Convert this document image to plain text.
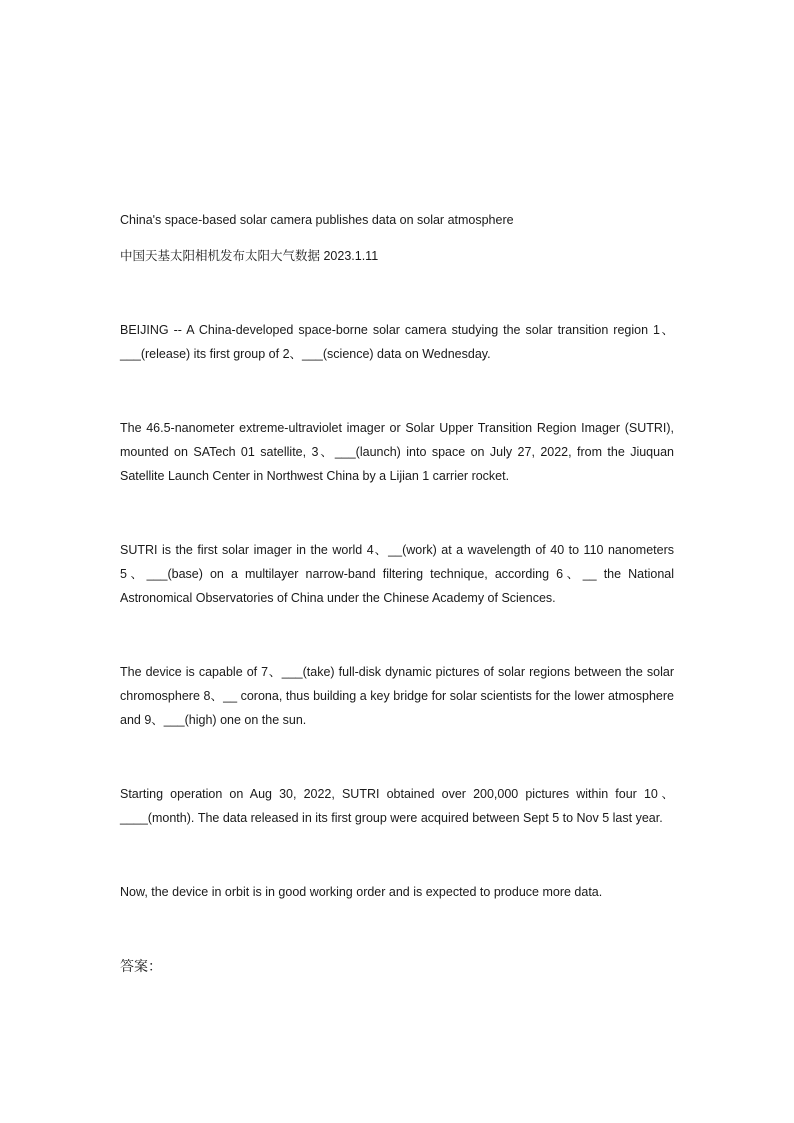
China's space-based solar camera publishes data on solar atmosphere

中国天基太阳相机发布太阳大气数据 2023.1.11

BEIJING -- A China-developed space-borne solar camera studying the solar transition region 1、___(release) its first group of 2、___(science) data on Wednesday.

The 46.5-nanometer extreme-ultraviolet imager or Solar Upper Transition Region Imager (SUTRI), mounted on SATech 01 satellite, 3、___(launch) into space on July 27, 2022, from the Jiuquan Satellite Launch Center in Northwest China by a Lijian 1 carrier rocket.

SUTRI is the first solar imager in the world 4、__(work) at a wavelength of 40 to 110 nanometers 5、___(base) on a multilayer narrow-band filtering technique, according 6、__ the National Astronomical Observatories of China under the Chinese Academy of Sciences.

The device is capable of 7、___(take) full-disk dynamic pictures of solar regions between the solar chromosphere 8、__ corona, thus building a key bridge for solar scientists for the lower atmosphere and 9、___(high) one on the sun.

Starting operation on Aug 30, 2022, SUTRI obtained over 200,000 pictures within four 10、____(month). The data released in its first group were acquired between Sept 5 to Nov 5 last year.

Now, the device in orbit is in good working order and is expected to produce more data.

答案：
